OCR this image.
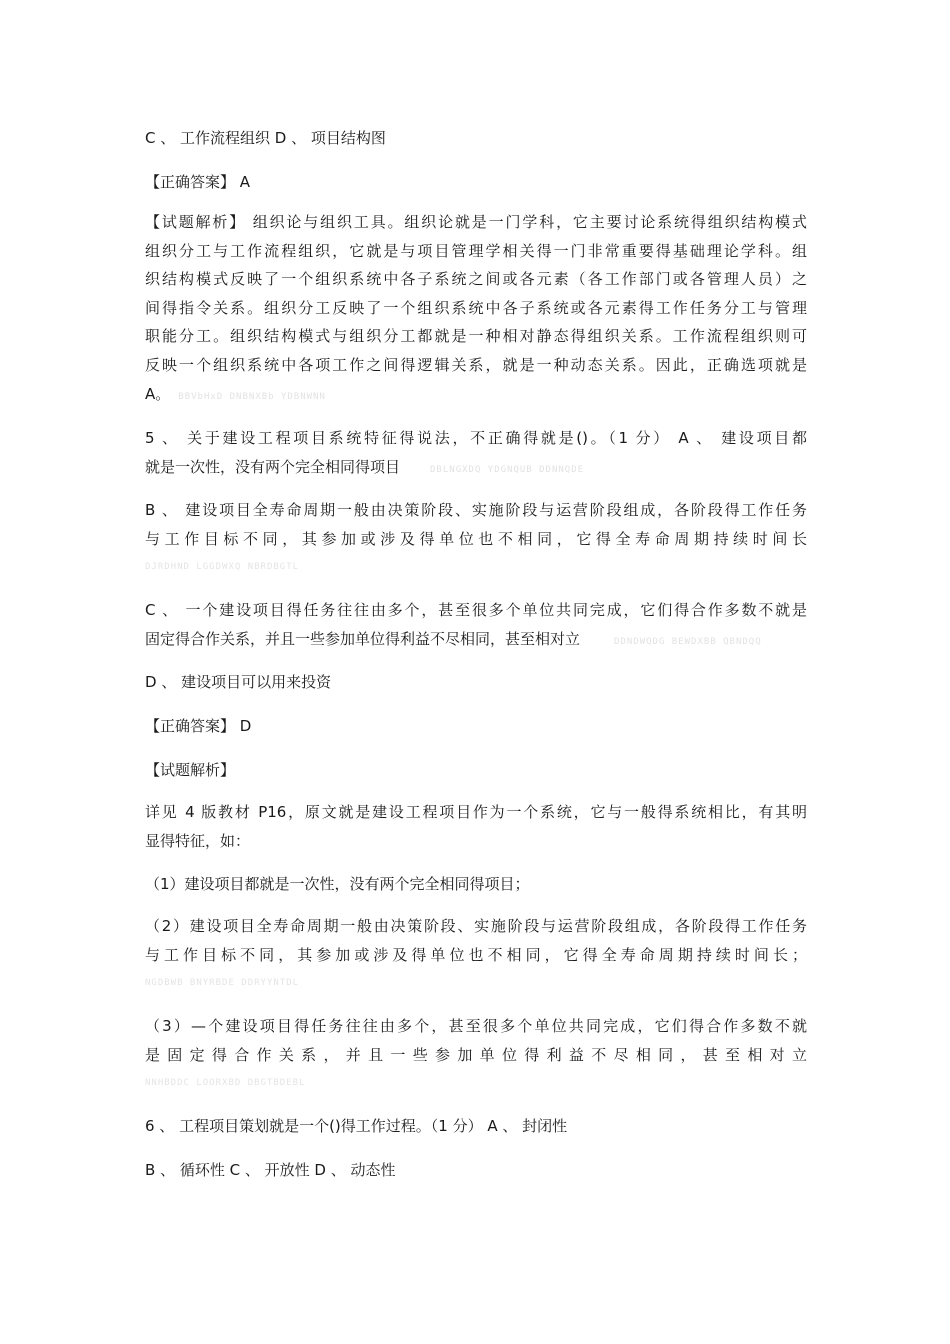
C 、 工作流程组织 D 、 项目结构图
【正确答案】 A
【试题解析】 组织论与组织工具。组织论就是一门学科，它主要讨论系统得组织结构模式
组织分工与工作流程组织，它就是与项目管理学相关得一门非常重要得基础理论学科。组
织结构模式反映了一个组织系统中各子系统之间或各元素（各工作部门或各管理人员）之
间得指令关系。组织分工反映了一个组织系统中各子系统或各元素得工作任务分工与管理
职能分工。组织结构模式与组织分工都就是一种相对静态得组织关系。工作流程组织则可
反映一个组织系统中各项工作之间得逻辑关系，就是一种动态关系。因此，正确选项就是
A。 BBVbHxD DNBNXBb YDBNWNN
5 、 关于建设工程项目系统特征得说法，不正确得就是()。（1 分） A 、 建设项目都
就是一次性，没有两个完全相同得项目	DBLNGXDQ YDGNQUB DDNNQDE
B 、 建设项目全寿命周期一般由决策阶段、实施阶段与运营阶段组成，各阶段得工作任务
与工作目标不同，其参加或涉及得单位也不相同，它得全寿命周期持续时间长
DJRDHND LGGDWXQ NBRDBGTL
C 、 一个建设项目得任务往往由多个，甚至很多个单位共同完成，它们得合作多数不就是
固定得合作关系，并且一些参加单位得利益不尽相同，甚至相对立	DDNDWQDG BEWDXBB QBNDQQ
D 、 建设项目可以用来投资
【正确答案】 D
【试题解析】
详见 4 版教材 P16，原文就是建设工程项目作为一个系统，它与一般得系统相比，有其明
显得特征，如：
（1）建设项目都就是一次性，没有两个完全相同得项目；
（2）建设项目全寿命周期一般由决策阶段、实施阶段与运营阶段组成，各阶段得工作任务
与工作目标不同，其参加或涉及得单位也不相同，它得全寿命周期持续时间长；
NGDBWB BNYRBDE DDRYYNTDL
（3）—个建设项目得任务往往由多个，甚至很多个单位共同完成，它们得合作多数不就
是固定得合作关系，并且一些参加单位得利益不尽相同，甚至相对立
NNHBDDC LOORXBD DBGTBDEBL
6 、 工程项目策划就是一个()得工作过程。（1 分） A 、 封闭性
B 、 循环性 C 、 开放性 D 、 动态性
